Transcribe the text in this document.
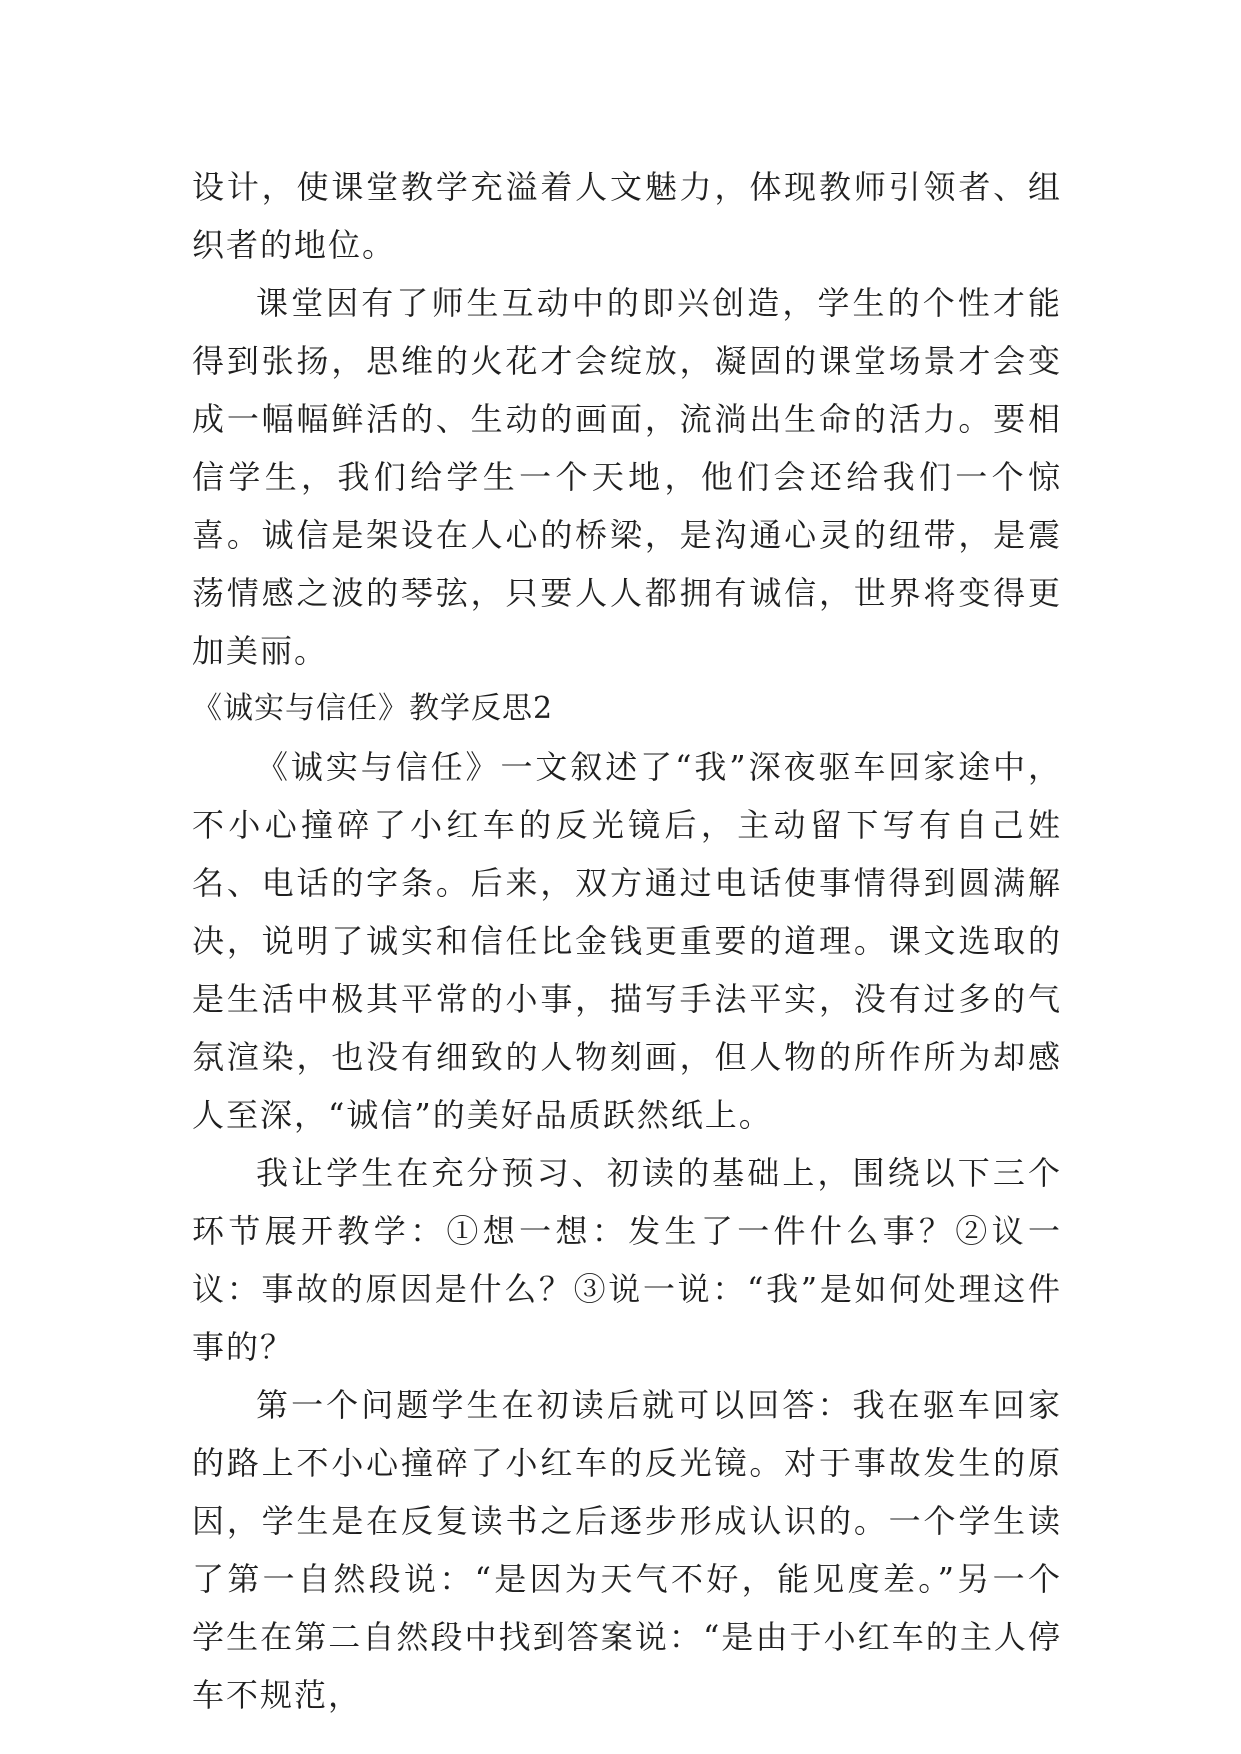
设计，使课堂教学充溢着人文魅力，体现教师引领者、组织者的地位。

课堂因有了师生互动中的即兴创造，学生的个性才能得到张扬，思维的火花才会绽放，凝固的课堂场景才会变成一幅幅鲜活的、生动的画面，流淌出生命的活力。要相信学生，我们给学生一个天地，他们会还给我们一个惊喜。诚信是架设在人心的桥梁，是沟通心灵的纽带，是震荡情感之波的琴弦，只要人人都拥有诚信，世界将变得更加美丽。

《诚实与信任》教学反思2

《诚实与信任》一文叙述了“我”深夜驱车回家途中，不小心撞碎了小红车的反光镜后，主动留下写有自己姓名、电话的字条。后来，双方通过电话使事情得到圆满解决，说明了诚实和信任比金钱更重要的道理。课文选取的是生活中极其平常的小事，描写手法平实，没有过多的气氛渲染，也没有细致的人物刻画，但人物的所作所为却感人至深，“诚信”的美好品质跃然纸上。

我让学生在充分预习、初读的基础上，围绕以下三个环节展开教学：①想一想：发生了一件什么事？②议一议：事故的原因是什么？③说一说：“我”是如何处理这件事的？

第一个问题学生在初读后就可以回答：我在驱车回家的路上不小心撞碎了小红车的反光镜。对于事故发生的原因，学生是在反复读书之后逐步形成认识的。一个学生读了第一自然段说：“是因为天气不好，能见度差。”另一个学生在第二自然段中找到答案说：“是由于小红车的主人停车不规范，
